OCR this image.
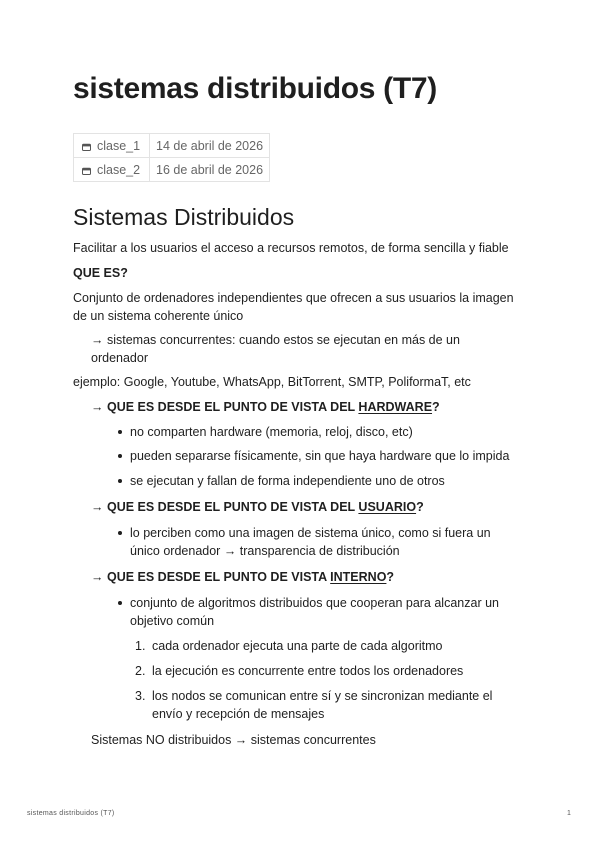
sistemas distribuidos (T7)
clase_1	14 de abril de 2026

clase_2	16 de abril de 2026
Sistemas Distribuidos
Facilitar a los usuarios el acceso a recursos remotos, de forma sencilla y fiable
QUE ES?
Conjunto de ordenadores independientes que ofrecen a sus usuarios la imagen
de un sistema coherente único
→ sistemas concurrentes: cuando estos se ejecutan en más de un
ordenador
ejemplo: Google, Youtube, WhatsApp, BitTorrent, SMTP, PoliformaT, etc
→ QUE ES DESDE EL PUNTO DE VISTA DEL HARDWARE?
no comparten hardware (memoria, reloj, disco, etc)
pueden separarse físicamente, sin que haya hardware que lo impida
se ejecutan y fallan de forma independiente uno de otros
→ QUE ES DESDE EL PUNTO DE VISTA DEL USUARIO?
lo perciben como una imagen de sistema único, como si fuera un
único ordenador → transparencia de distribución
→ QUE ES DESDE EL PUNTO DE VISTA INTERNO?
conjunto de algoritmos distribuidos que cooperan para alcanzar un
objetivo común
1. cada ordenador ejecuta una parte de cada algoritmo
2. la ejecución es concurrente entre todos los ordenadores
3. los nodos se comunican entre sí y se sincronizan mediante el
envío y recepción de mensajes
Sistemas NO distribuidos → sistemas concurrentes
sistemas distribuidos (T7)	1
